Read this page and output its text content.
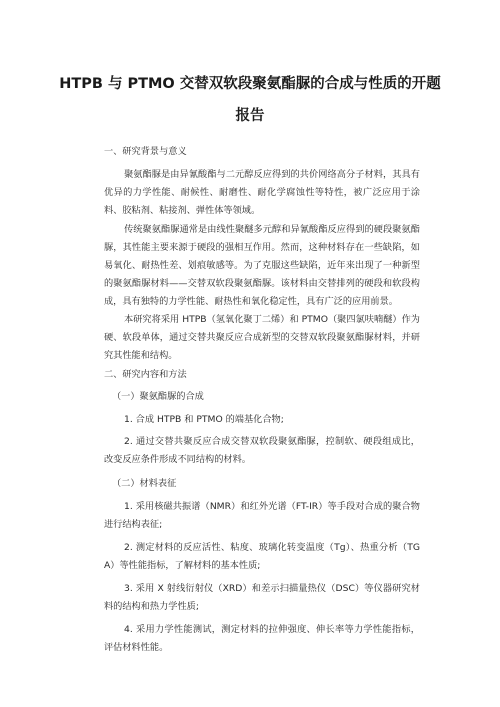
HTPB 与 PTMO 交替双软段聚氨酯脲的合成与性质的开题
报告
一、研究背景与意义
聚氨酯脲是由异氰酸酯与二元醇反应得到的共价网络高分子材料，其具有优异的力学性能、耐候性、耐磨性、耐化学腐蚀性等特性，被广泛应用于涂料、胶粘剂、粘接剂、弹性体等领域。
传统聚氨酯脲通常是由线性聚醚多元醇和异氰酸酯反应得到的硬段聚氨酯脲，其性能主要来源于硬段的强相互作用。然而，这种材料存在一些缺陷，如易氧化、耐热性差、划痕敏感等。为了克服这些缺陷，近年来出现了一种新型的聚氨酯脲材料——交替双软段聚氨酯脲。该材料由交替排列的硬段和软段构成，具有独特的力学性能、耐热性和氧化稳定性，具有广泛的应用前景。
本研究将采用 HTPB（氢氧化聚丁二烯）和 PTMO（聚四氯呋喃醚）作为硬、软段单体，通过交替共聚反应合成新型的交替双软段聚氨酯脲材料，并研究其性能和结构。
二、研究内容和方法
（一）聚氨酯脲的合成
1. 合成 HTPB 和 PTMO 的端基化合物;
2. 通过交替共聚反应合成交替双软段聚氨酯脲，控制软、硬段组成比，改变反应条件形成不同结构的材料。
（二）材料表征
1. 采用核磁共振谱（NMR）和红外光谱（FT-IR）等手段对合成的聚合物进行结构表征;
2. 测定材料的反应活性、粘度、玻璃化转变温度（Tg）、热重分析（TGA）等性能指标，了解材料的基本性质;
3. 采用 X 射线衍射仪（XRD）和差示扫描量热仪（DSC）等仪器研究材料的结构和热力学性质;
4. 采用力学性能测试，测定材料的拉伸强度、伸长率等力学性能指标，评估材料性能。
